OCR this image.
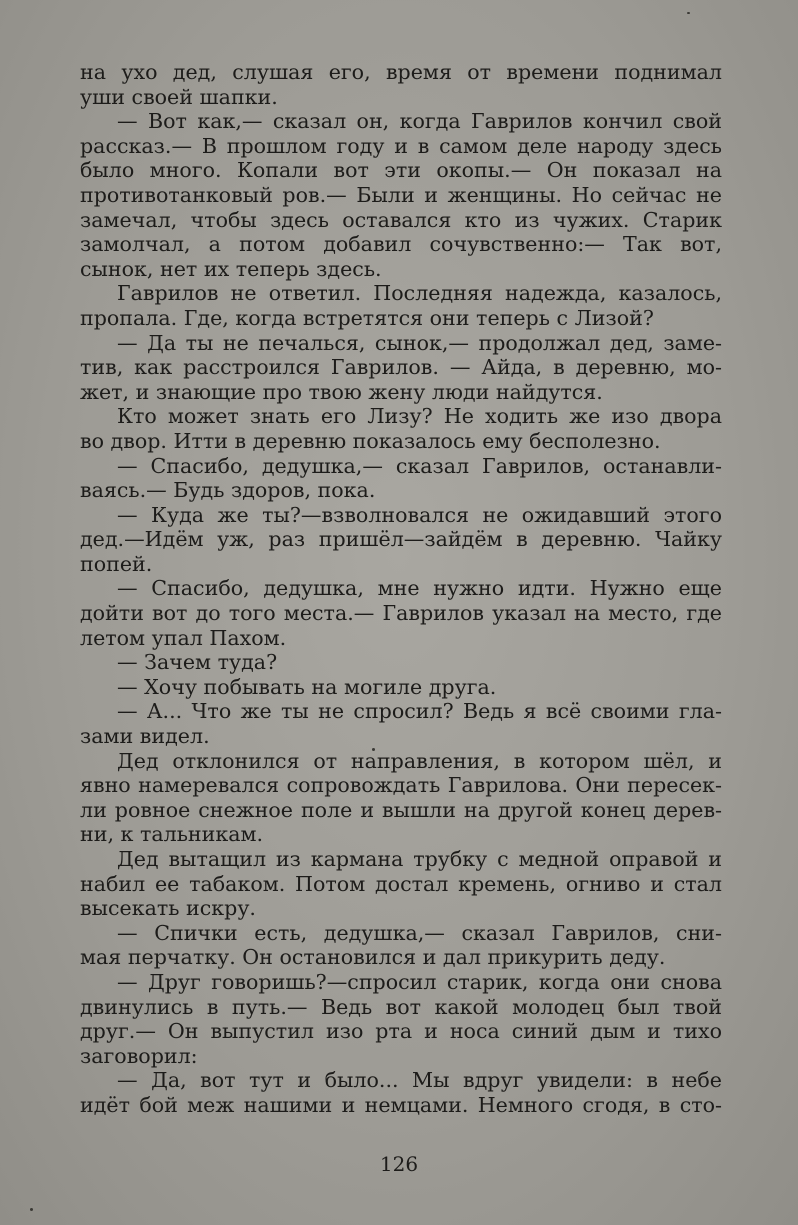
на ухо дед, слушая его, время от времени поднимал
уши своей шапки.
— Вот как,— сказал он, когда Гаврилов кончил свой
рассказ.— В прошлом году и в самом деле народу здесь
было много. Копали вот эти окопы.— Он показал на
противотанковый ров.— Были и женщины. Но сейчас не
замечал, чтобы здесь оставался кто из чужих. Старик
замолчал, а потом добавил сочувственно:— Так вот,
сынок, нет их теперь здесь.
Гаврилов не ответил. Последняя надежда, казалось,
пропала. Где, когда встретятся они теперь с Лизой?
— Да ты не печалься, сынок,— продолжал дед, заме-
тив, как расстроился Гаврилов. — Айда, в деревню, мо-
жет, и знающие про твою жену люди найдутся.
Кто может знать его Лизу? Не ходить же изо двора
во двор. Итти в деревню показалось ему бесполезно.
— Спасибо, дедушка,— сказал Гаврилов, останавли-
ваясь.— Будь здоров, пока.
— Куда же ты?—взволновался не ожидавший этого
дед.—Идём уж, раз пришёл—зайдём в деревню. Чайку
попей.
— Спасибо, дедушка, мне нужно идти. Нужно еще
дойти вот до того места.— Гаврилов указал на место, где
летом упал Пахом.
— Зачем туда?
— Хочу побывать на могиле друга.
— А... Что же ты не спросил? Ведь я всё своими гла-
зами видел.
Дед отклонился от направления, в котором шёл, и
явно намеревался сопровождать Гаврилова. Они пересек-
ли ровное снежное поле и вышли на другой конец дерев-
ни, к тальникам.
Дед вытащил из кармана трубку с медной оправой и
набил ее табаком. Потом достал кремень, огниво и стал
высекать искру.
— Спички есть, дедушка,— сказал Гаврилов, сни-
мая перчатку. Он остановился и дал прикурить деду.
— Друг говоришь?—спросил старик, когда они снова
двинулись в путь.— Ведь вот какой молодец был твой
друг.— Он выпустил изо рта и носа синий дым и тихо
заговорил:
— Да, вот тут и было... Мы вдруг увидели: в небе
идёт бой меж нашими и немцами. Немного сгодя, в сто-
126
